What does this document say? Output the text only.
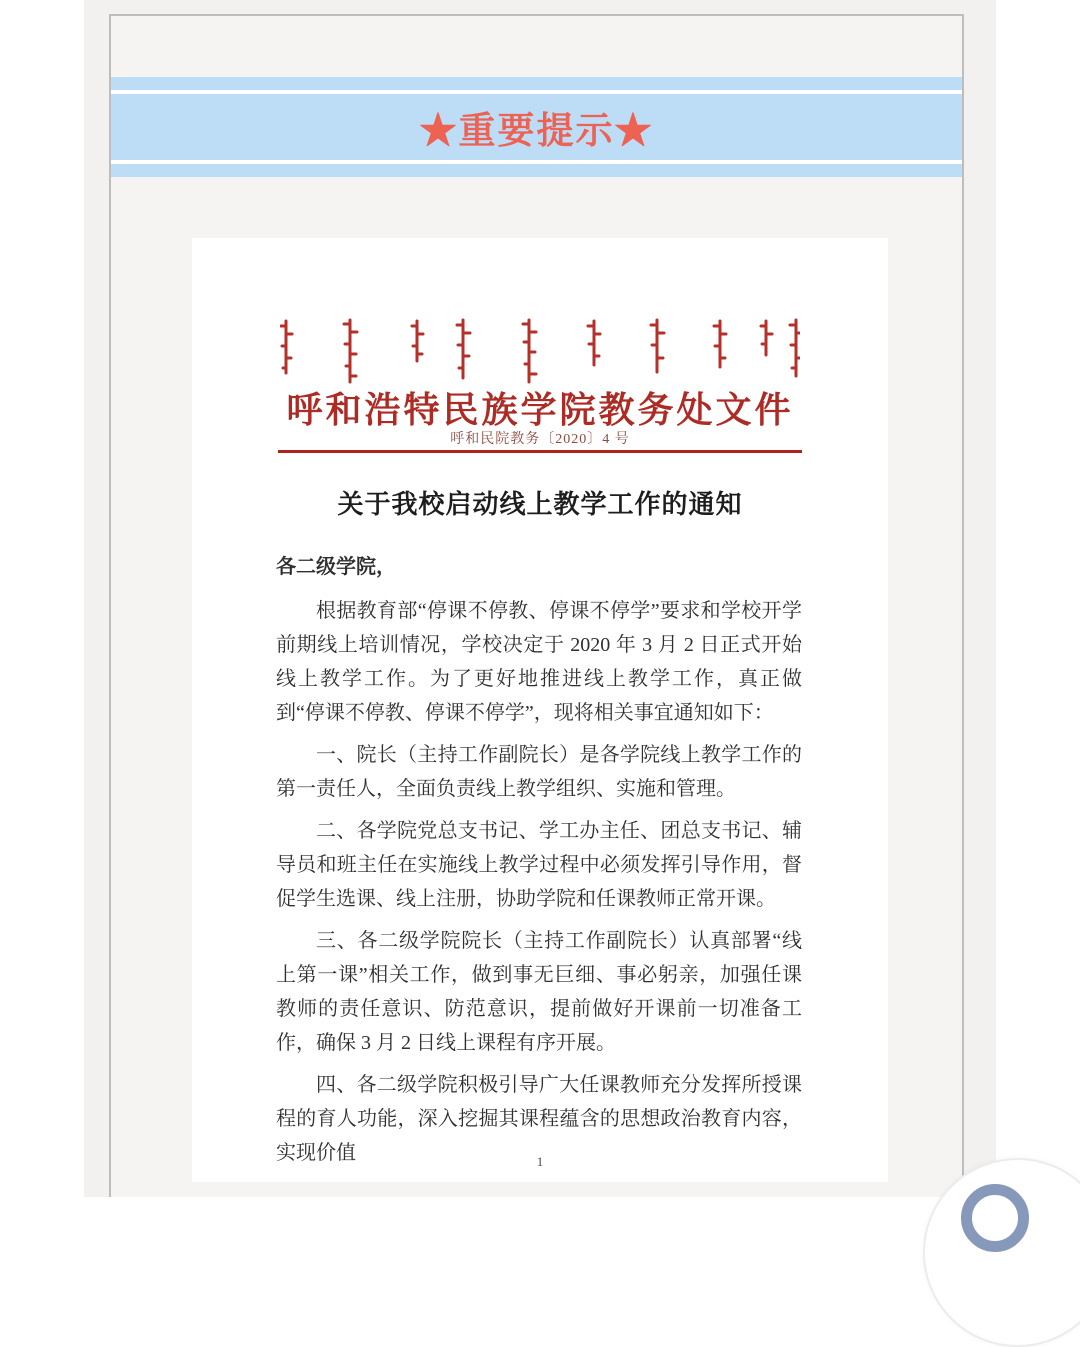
★重要提示★
呼和浩特民族学院教务处文件
呼和民院教务〔2020〕4 号
关于我校启动线上教学工作的通知

各二级学院，

根据教育部“停课不停教、停课不停学”要求和学校开学前期线上培训情况，学校决定于 2020 年 3 月 2 日正式开始线上教学工作。为了更好地推进线上教学工作，真正做到“停课不停教、停课不停学”，现将相关事宜通知如下：

一、院长（主持工作副院长）是各学院线上教学工作的第一责任人，全面负责线上教学组织、实施和管理。

二、各学院党总支书记、学工办主任、团总支书记、辅导员和班主任在实施线上教学过程中必须发挥引导作用，督促学生选课、线上注册，协助学院和任课教师正常开课。

三、各二级学院院长（主持工作副院长）认真部署“线上第一课”相关工作，做到事无巨细、事必躬亲，加强任课教师的责任意识、防范意识，提前做好开课前一切准备工作，确保 3 月 2 日线上课程有序开展。

四、各二级学院积极引导广大任课教师充分发挥所授课程的育人功能，深入挖掘其课程蕴含的思想政治教育内容，实现价值	1
